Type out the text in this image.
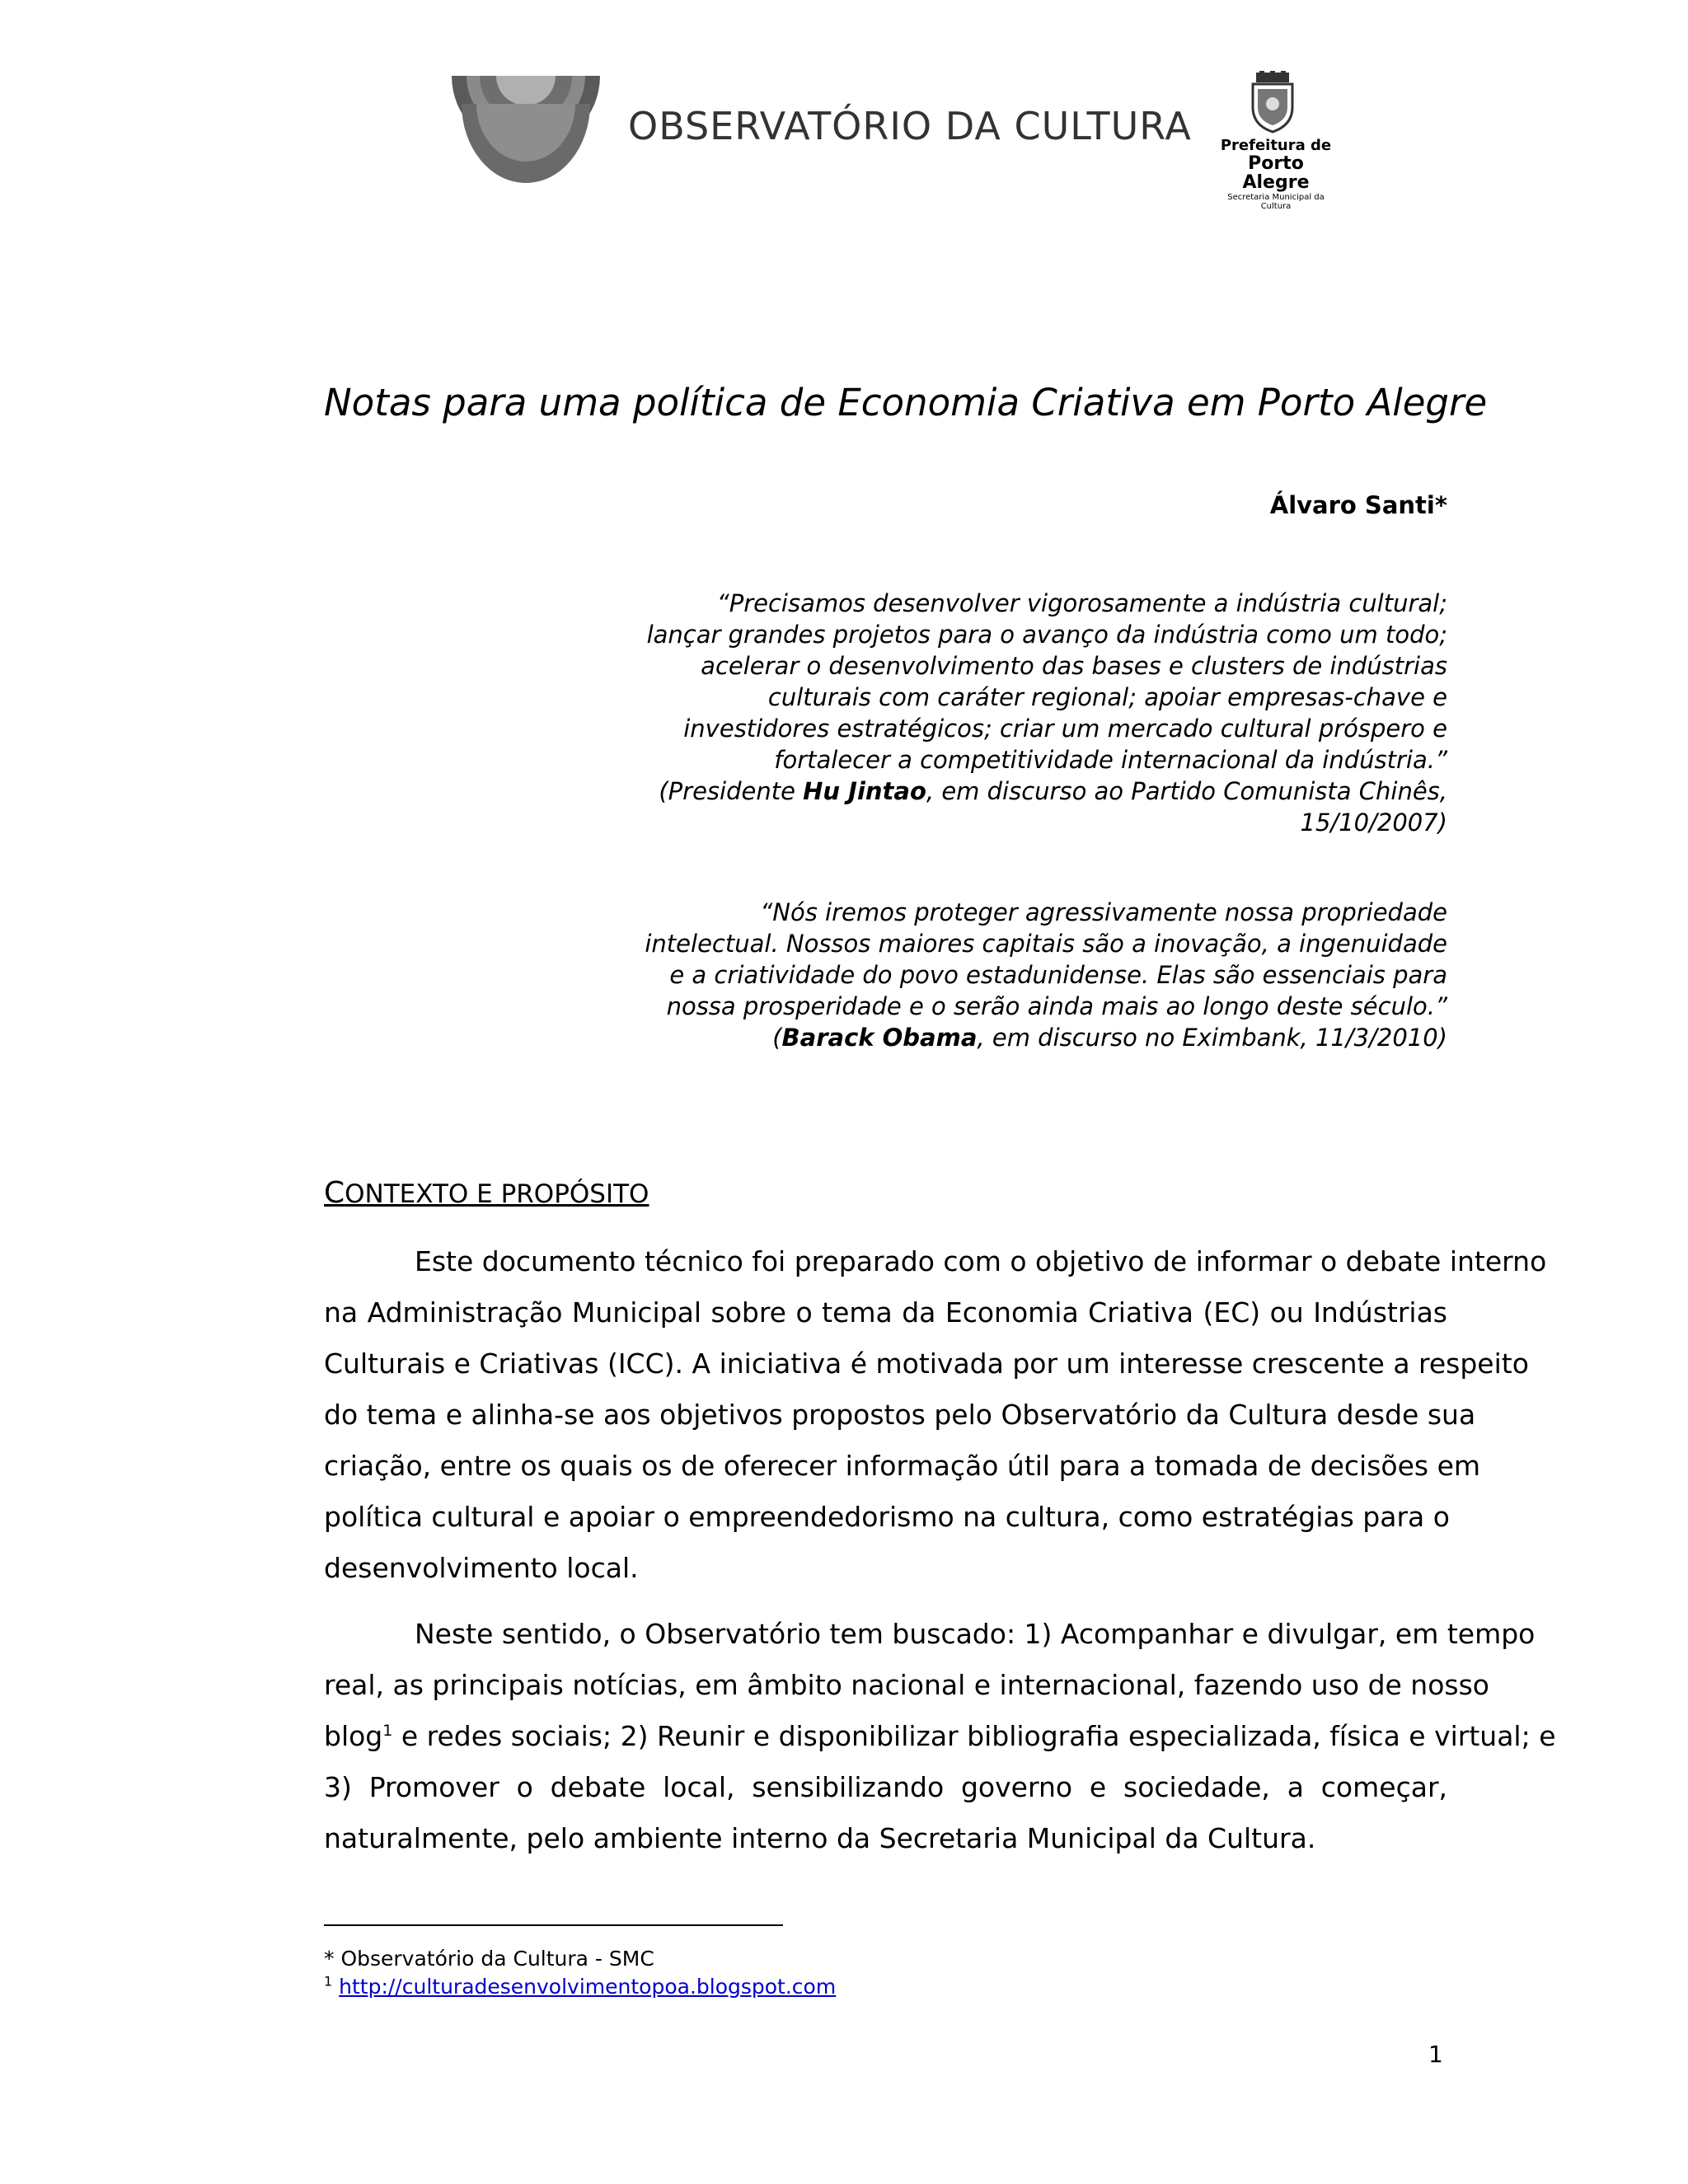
OBSERVATÓRIO DA CULTURA Prefeitura de
Porto Alegre
Secretaria Municipal da Cultura
Notas para uma política de Economia Criativa em Porto Alegre
Álvaro Santi*
“Precisamos desenvolver vigorosamente a indústria cultural;
lançar grandes projetos para o avanço da indústria como um todo;
acelerar o desenvolvimento das bases e clusters de indústrias
culturais com caráter regional; apoiar empresas-chave e
investidores estratégicos; criar um mercado cultural próspero e
fortalecer a competitividade internacional da indústria.”
(Presidente Hu Jintao, em discurso ao Partido Comunista Chinês,
15/10/2007)
“Nós iremos proteger agressivamente nossa propriedade
intelectual. Nossos maiores capitais são a inovação, a ingenuidade
e a criatividade do povo estadunidense. Elas são essenciais para
nossa prosperidade e o serão ainda mais ao longo deste século.”
(Barack Obama, em discurso no Eximbank, 11/3/2010)
CONTEXTO E PROPÓSITO
Este documento técnico foi preparado com o objetivo de informar o debate interno
na Administração Municipal sobre o tema da Economia Criativa (EC) ou Indústrias
Culturais e Criativas (ICC). A iniciativa é motivada por um interesse crescente a respeito
do tema e alinha-se aos objetivos propostos pelo Observatório da Cultura desde sua
criação, entre os quais os de oferecer informação útil para a tomada de decisões em
política cultural e apoiar o empreendedorismo na cultura, como estratégias para o
desenvolvimento local.
Neste sentido, o Observatório tem buscado: 1) Acompanhar e divulgar, em tempo
real, as principais notícias, em âmbito nacional e internacional, fazendo uso de nosso
blog$^1$ e redes sociais; 2) Reunir e disponibilizar bibliografia especializada, física e virtual; e
3) Promover o debate local, sensibilizando governo e sociedade, a começar,
naturalmente, pelo ambiente interno da Secretaria Municipal da Cultura.
* Observatório da Cultura - SMC
$^1$ http://culturadesenvolvimentopoa.blogspot.com
1
